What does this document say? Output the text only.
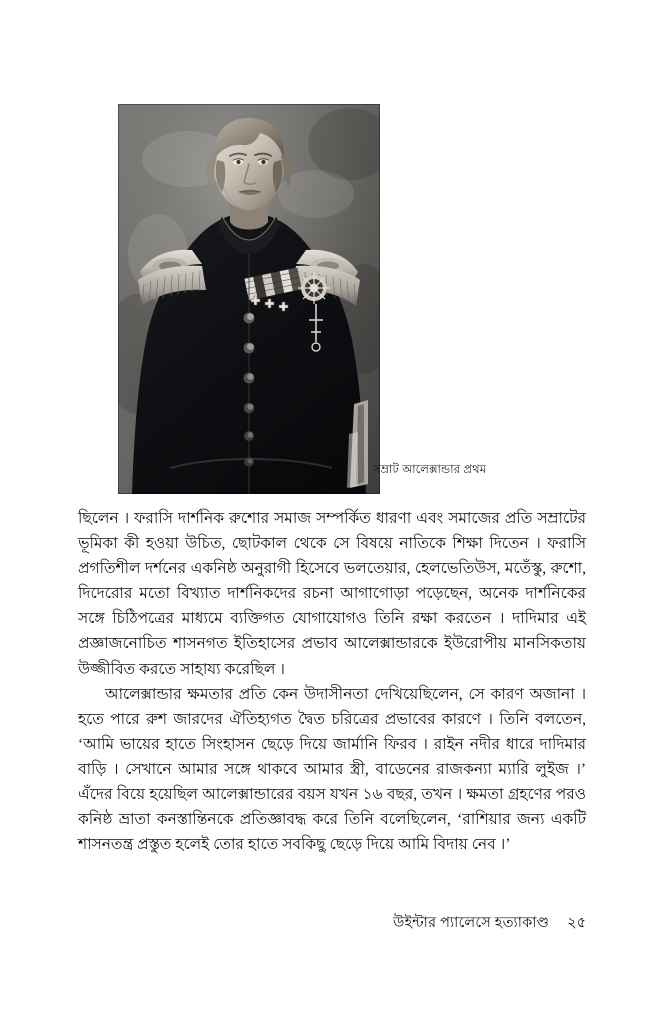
সম্রাট আলেক্সান্ডার প্রথম

ছিলেন । ফরাসি দার্শনিক রুশোর সমাজ সম্পর্কিত ধারণা এবং সমাজের প্রতি সম্রাটের ভূমিকা কী হওয়া উচিত, ছোটকাল থেকে সে বিষয়ে নাতিকে শিক্ষা দিতেন । ফরাসি প্রগতিশীল দর্শনের একনিষ্ঠ অনুরাগী হিসেবে ভলতেয়ার, হেলভেতিউস, মতেঁস্কু, রুশো, দিদেরোর মতো বিখ্যাত দার্শনিকদের রচনা আগাগোড়া পড়েছেন, অনেক দার্শনিকের সঙ্গে চিঠিপত্রের মাধ্যমে ব্যক্তিগত যোগাযোগও তিনি রক্ষা করতেন । দাদিমার এই প্রজ্ঞাজনোচিত শাসনগত ইতিহাসের প্রভাব আলেক্সান্ডারকে ইউরোপীয় মানসিকতায় উজ্জীবিত করতে সাহায্য করেছিল ।

আলেক্সান্ডার ক্ষমতার প্রতি কেন উদাসীনতা দেখিয়েছিলেন, সে কারণ অজানা । হতে পারে রুশ জারদের ঐতিহ্যগত দ্বৈত চরিত্রের প্রভাবের কারণে । তিনি বলতেন, ‘আমি ভায়ের হাতে সিংহাসন ছেড়ে দিয়ে জার্মানি ফিরব । রাইন নদীর ধারে দাদিমার বাড়ি । সেখানে আমার সঙ্গে থাকবে আমার স্ত্রী, বাডেনের রাজকন্যা ম্যারি লুইজ ।’ এঁদের বিয়ে হয়েছিল আলেক্সান্ডারের বয়স যখন ১৬ বছর, তখন । ক্ষমতা গ্রহণের পরও কনিষ্ঠ ভ্রাতা কনস্তান্তিনকে প্রতিজ্ঞাবদ্ধ করে তিনি বলেছিলেন, ‘রাশিয়ার জন্য একটি শাসনতন্ত্র প্রস্তুত হলেই তোর হাতে সবকিছু ছেড়ে দিয়ে আমি বিদায় নেব ।’

উইন্টার প্যালেসে হত্যাকাণ্ড ২৫
